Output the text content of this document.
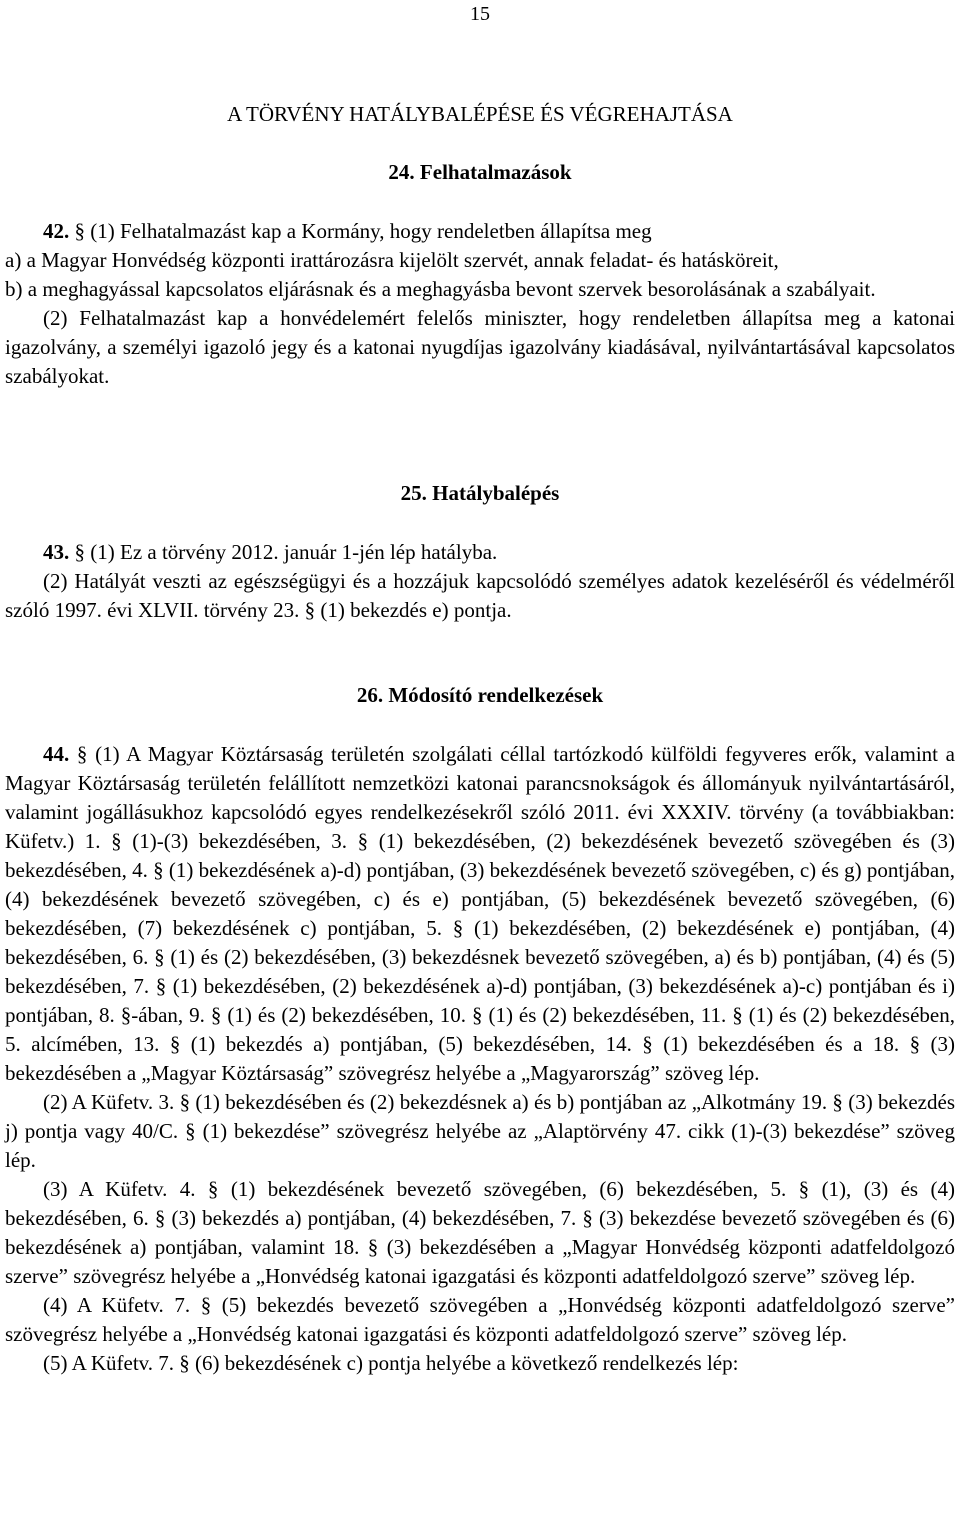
15
A TÖRVÉNY HATÁLYBALÉPÉSE ÉS VÉGREHAJTÁSA
24. Felhatalmazások

42. § (1) Felhatalmazást kap a Kormány, hogy rendeletben állapítsa meg

a) a Magyar Honvédség központi irattározásra kijelölt szervét, annak feladat- és hatásköreit,

b) a meghagyással kapcsolatos eljárásnak és a meghagyásba bevont szervek besorolásának a szabályait.

(2) Felhatalmazást kap a honvédelemért felelős miniszter, hogy rendeletben állapítsa meg a katonai igazolvány, a személyi igazoló jegy és a katonai nyugdíjas igazolvány kiadásával, nyilvántartásával kapcsolatos szabályokat.

25. Hatálybalépés

43. § (1) Ez a törvény 2012. január 1-jén lép hatályba.

(2) Hatályát veszti az egészségügyi és a hozzájuk kapcsolódó személyes adatok kezeléséről és védelméről szóló 1997. évi XLVII. törvény 23. § (1) bekezdés e) pontja.

26. Módosító rendelkezések

44. § (1) A Magyar Köztársaság területén szolgálati céllal tartózkodó külföldi fegyveres erők, valamint a Magyar Köztársaság területén felállított nemzetközi katonai parancsnokságok és állományuk nyilvántartásáról, valamint jogállásukhoz kapcsolódó egyes rendelkezésekről szóló 2011. évi XXXIV. törvény (a továbbiakban: Küfetv.) 1. § (1)-(3) bekezdésében, 3. § (1) bekezdésében, (2) bekezdésének bevezető szövegében és (3) bekezdésében, 4. § (1) bekezdésének a)-d) pontjában, (3) bekezdésének bevezető szövegében, c) és g) pontjában, (4) bekezdésének bevezető szövegében, c) és e) pontjában, (5) bekezdésének bevezető szövegében, (6) bekezdésében, (7) bekezdésének c) pontjában, 5. § (1) bekezdésében, (2) bekezdésének e) pontjában, (4) bekezdésében, 6. § (1) és (2) bekezdésében, (3) bekezdésnek bevezető szövegében, a) és b) pontjában, (4) és (5) bekezdésében, 7. § (1) bekezdésében, (2) bekezdésének a)-d) pontjában, (3) bekezdésének a)-c) pontjában és i) pontjában, 8. §-ában, 9. § (1) és (2) bekezdésében, 10. § (1) és (2) bekezdésében, 11. § (1) és (2) bekezdésében, 5. alcímében, 13. § (1) bekezdés a) pontjában, (5) bekezdésében, 14. § (1) bekezdésében és a 18. § (3) bekezdésében a „Magyar Köztársaság” szövegrész helyébe a „Magyarország” szöveg lép.

(2) A Küfetv. 3. § (1) bekezdésében és (2) bekezdésnek a) és b) pontjában az „Alkotmány 19. § (3) bekezdés j) pontja vagy 40/C. § (1) bekezdése” szövegrész helyébe az „Alaptörvény 47. cikk (1)-(3) bekezdése” szöveg lép.

(3) A Küfetv. 4. § (1) bekezdésének bevezető szövegében, (6) bekezdésében, 5. § (1), (3) és (4) bekezdésében, 6. § (3) bekezdés a) pontjában, (4) bekezdésében, 7. § (3) bekezdése bevezető szövegében és (6) bekezdésének a) pontjában, valamint 18. § (3) bekezdésében a „Magyar Honvédség központi adatfeldolgozó szerve” szövegrész helyébe a „Honvédség katonai igazgatási és központi adatfeldolgozó szerve” szöveg lép.

(4) A Küfetv. 7. § (5) bekezdés bevezető szövegében a „Honvédség központi adatfeldolgozó szerve” szövegrész helyébe a „Honvédség katonai igazgatási és központi adatfeldolgozó szerve” szöveg lép.

(5) A Küfetv. 7. § (6) bekezdésének c) pontja helyébe a következő rendelkezés lép:
